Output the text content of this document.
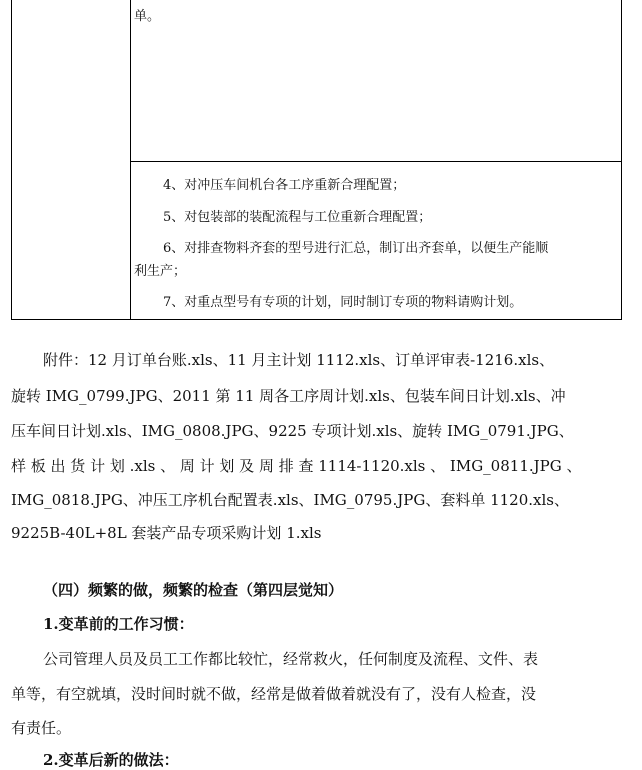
单。
4、对冲压车间机台各工序重新合理配置；
5、对包装部的装配流程与工位重新合理配置；
6、对排查物料齐套的型号进行汇总，制订出齐套单，以便生产能顺
利生产；
7、对重点型号有专项的计划，同时制订专项的物料请购计划。
附件：12 月订单台账.xls、11 月主计划 1112.xls、订单评审表-1216.xls、
旋转 IMG_0799.JPG、2011 第 11 周各工序周计划.xls、包装车间日计划.xls、冲
压车间日计划.xls、IMG_0808.JPG、9225 专项计划.xls、旋转 IMG_0791.JPG、
样 板 出 货 计 划 .xls 、 周 计 划 及 周 排 查 1114-1120.xls 、 IMG_0811.JPG 、
IMG_0818.JPG、冲压工序机台配置表.xls、IMG_0795.JPG、套料单 1120.xls、
9225B-40L+8L 套装产品专项采购计划 1.xls
（四）频繁的做，频繁的检查（第四层觉知）
1.变革前的工作习惯：
公司管理人员及员工工作都比较忙，经常救火，任何制度及流程、文件、表
单等，有空就填，没时间时就不做，经常是做着做着就没有了，没有人检查，没
有责任。
2.变革后新的做法：
